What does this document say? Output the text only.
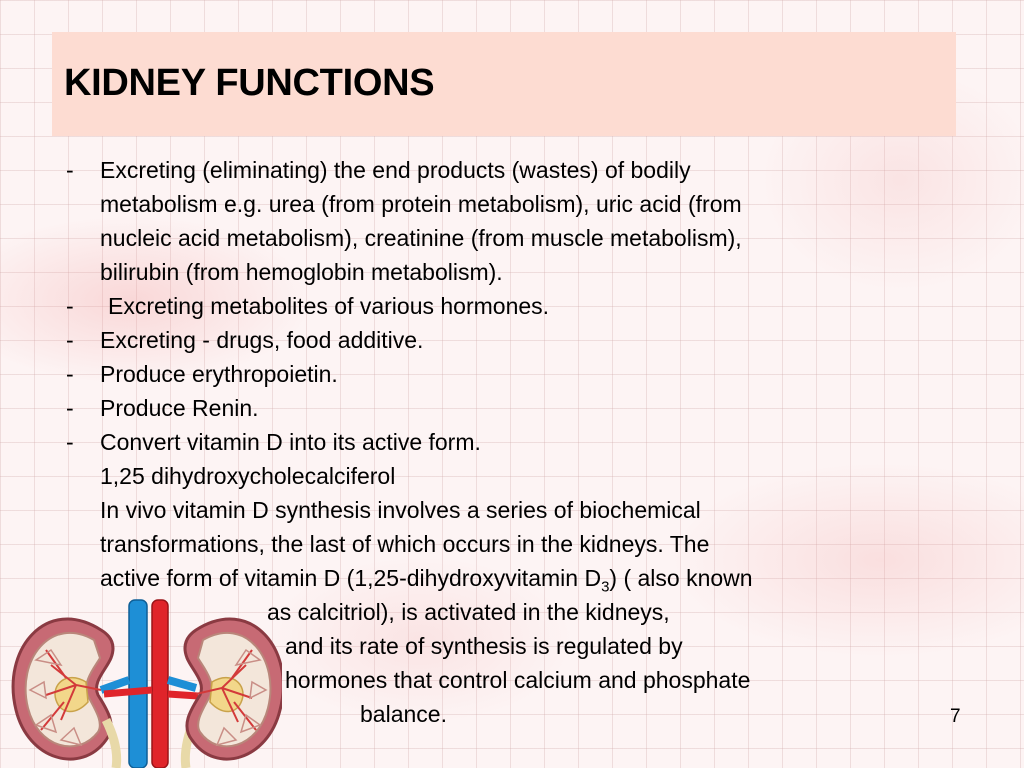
KIDNEY FUNCTIONS
- Excreting (eliminating) the end products (wastes) of bodily
metabolism e.g. urea (from protein metabolism), uric acid (from
nucleic acid metabolism), creatinine (from muscle metabolism),
bilirubin (from hemoglobin metabolism).
- Excreting metabolites of various hormones.
- Excreting - drugs, food additive.
- Produce erythropoietin.
- Produce Renin.
- Convert vitamin D into its active form.
1,25 dihydroxycholecalciferol
In vivo vitamin D synthesis involves a series of biochemical
transformations, the last of which occurs in the kidneys. The
active form of vitamin D (1,25-dihydroxyvitamin $D_3$) ( also known
as calcitriol), is activated in the kidneys,
and its rate of synthesis is regulated by
hormones that control calcium and phosphate
balance.	7
